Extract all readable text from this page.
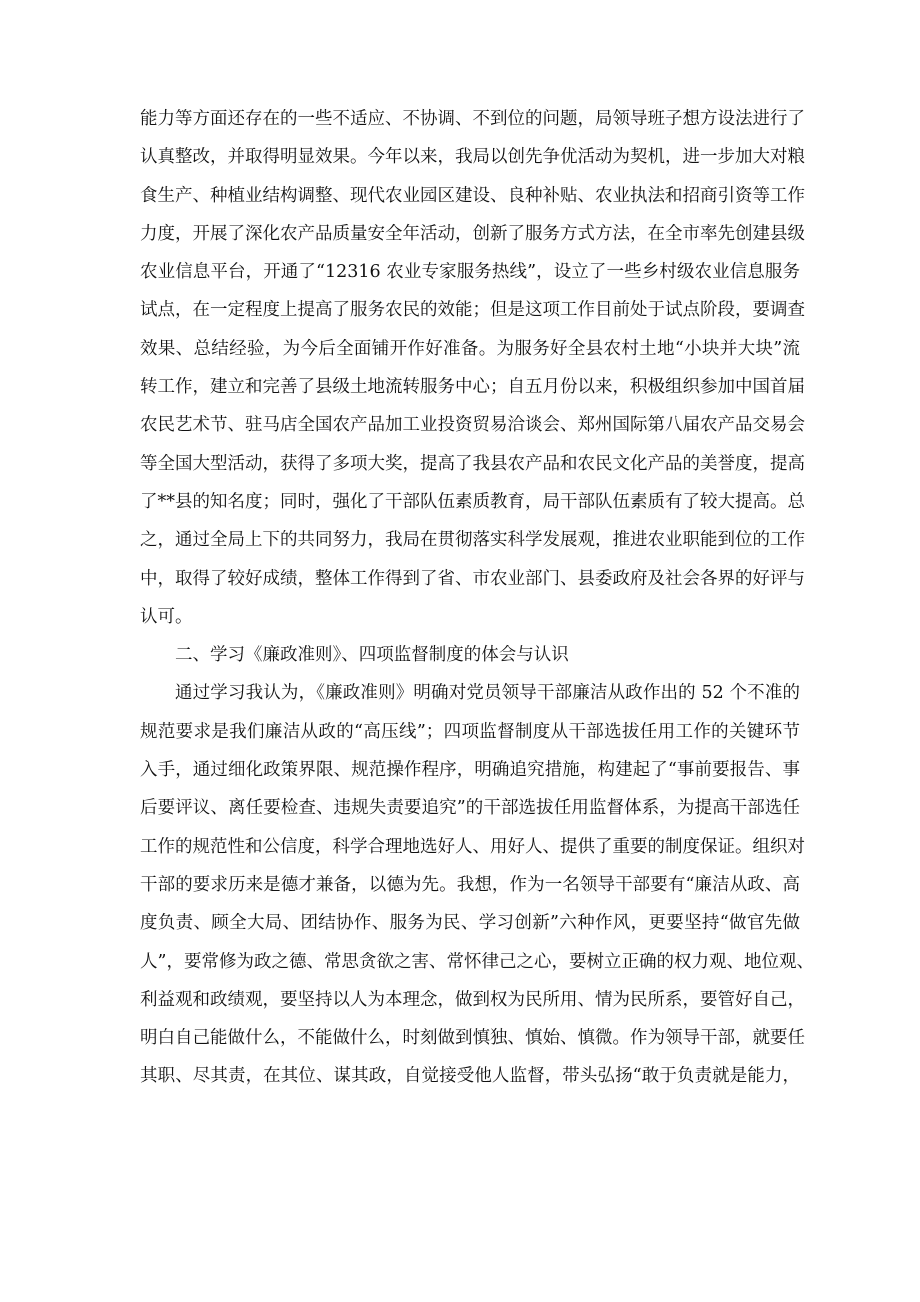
能力等方面还存在的一些不适应、不协调、不到位的问题，局领导班子想方设法进行了
认真整改，并取得明显效果。今年以来，我局以创先争优活动为契机，进一步加大对粮
食生产、种植业结构调整、现代农业园区建设、良种补贴、农业执法和招商引资等工作
力度，开展了深化农产品质量安全年活动，创新了服务方式方法，在全市率先创建县级
农业信息平台，开通了“12316 农业专家服务热线”，设立了一些乡村级农业信息服务
试点，在一定程度上提高了服务农民的效能；但是这项工作目前处于试点阶段，要调查
效果、总结经验，为今后全面铺开作好准备。为服务好全县农村土地“小块并大块”流
转工作，建立和完善了县级土地流转服务中心；自五月份以来，积极组织参加中国首届
农民艺术节、驻马店全国农产品加工业投资贸易洽谈会、郑州国际第八届农产品交易会
等全国大型活动，获得了多项大奖，提高了我县农产品和农民文化产品的美誉度，提高
了**县的知名度；同时，强化了干部队伍素质教育，局干部队伍素质有了较大提高。总
之，通过全局上下的共同努力，我局在贯彻落实科学发展观，推进农业职能到位的工作
中，取得了较好成绩，整体工作得到了省、市农业部门、县委政府及社会各界的好评与
认可。
二、学习《廉政准则》、四项监督制度的体会与认识
通过学习我认为，《廉政准则》明确对党员领导干部廉洁从政作出的 52 个不准的
规范要求是我们廉洁从政的“高压线”；四项监督制度从干部选拔任用工作的关键环节
入手，通过细化政策界限、规范操作程序，明确追究措施，构建起了“事前要报告、事
后要评议、离任要检查、违规失责要追究”的干部选拔任用监督体系，为提高干部选任
工作的规范性和公信度，科学合理地选好人、用好人、提供了重要的制度保证。组织对
干部的要求历来是德才兼备，以德为先。我想，作为一名领导干部要有“廉洁从政、高
度负责、顾全大局、团结协作、服务为民、学习创新”六种作风，更要坚持“做官先做
人”，要常修为政之德、常思贪欲之害、常怀律己之心，要树立正确的权力观、地位观、
利益观和政绩观，要坚持以人为本理念，做到权为民所用、情为民所系，要管好自己，
明白自己能做什么，不能做什么，时刻做到慎独、慎始、慎微。作为领导干部，就要任
其职、尽其责，在其位、谋其政，自觉接受他人监督，带头弘扬“敢于负责就是能力，
